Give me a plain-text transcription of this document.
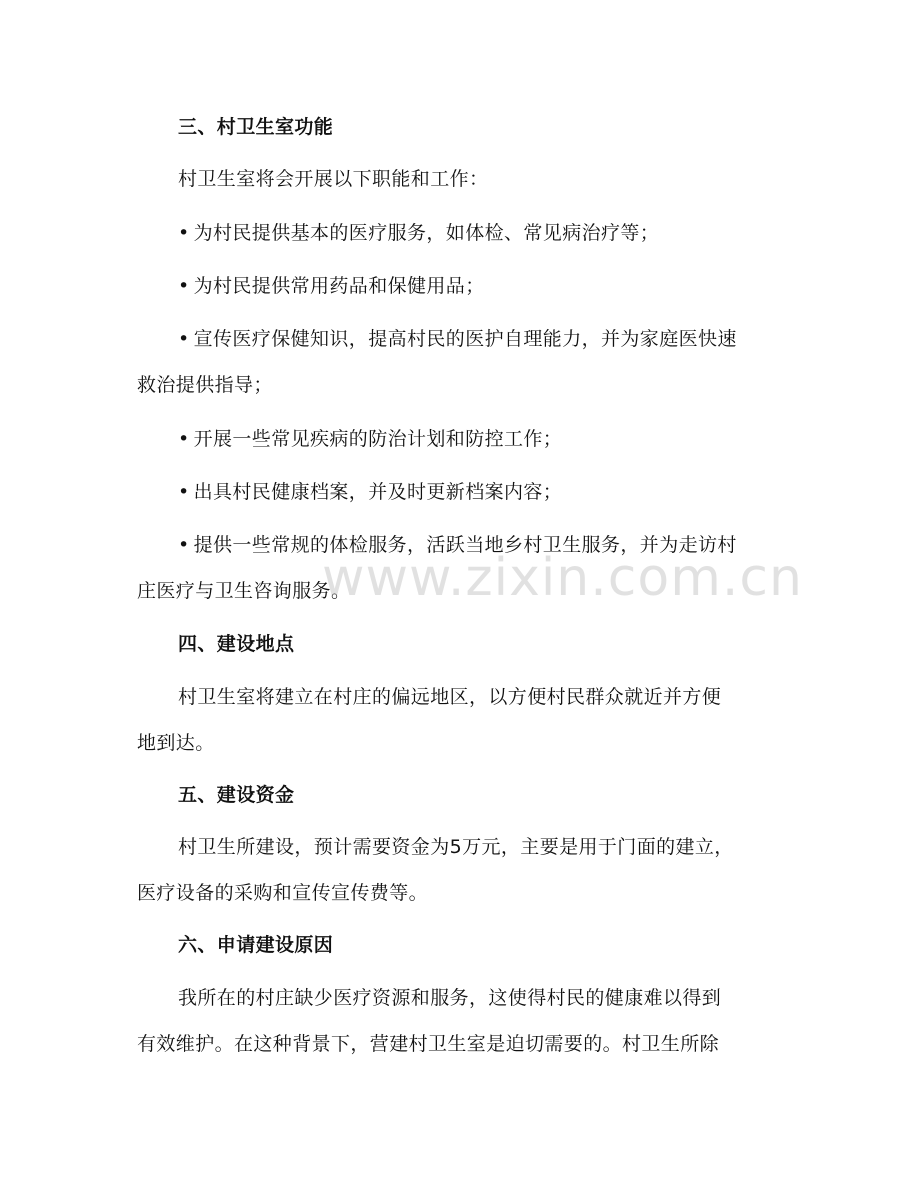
三、村卫生室功能
村卫生室将会开展以下职能和工作：
• 为村民提供基本的医疗服务，如体检、常见病治疗等；
• 为村民提供常用药品和保健用品；
• 宣传医疗保健知识，提高村民的医护自理能力，并为家庭医快速
救治提供指导；
• 开展一些常见疾病的防治计划和防控工作；
• 出具村民健康档案，并及时更新档案内容；
• 提供一些常规的体检服务，活跃当地乡村卫生服务，并为走访村
庄医疗与卫生咨询服务。
四、建设地点
村卫生室将建立在村庄的偏远地区，以方便村民群众就近并方便
地到达。
五、建设资金
村卫生所建设，预计需要资金为5万元，主要是用于门面的建立，
医疗设备的采购和宣传宣传费等。
六、申请建设原因
我所在的村庄缺少医疗资源和服务，这使得村民的健康难以得到
有效维护。在这种背景下，营建村卫生室是迫切需要的。村卫生所除
www.zixin.com.cn
